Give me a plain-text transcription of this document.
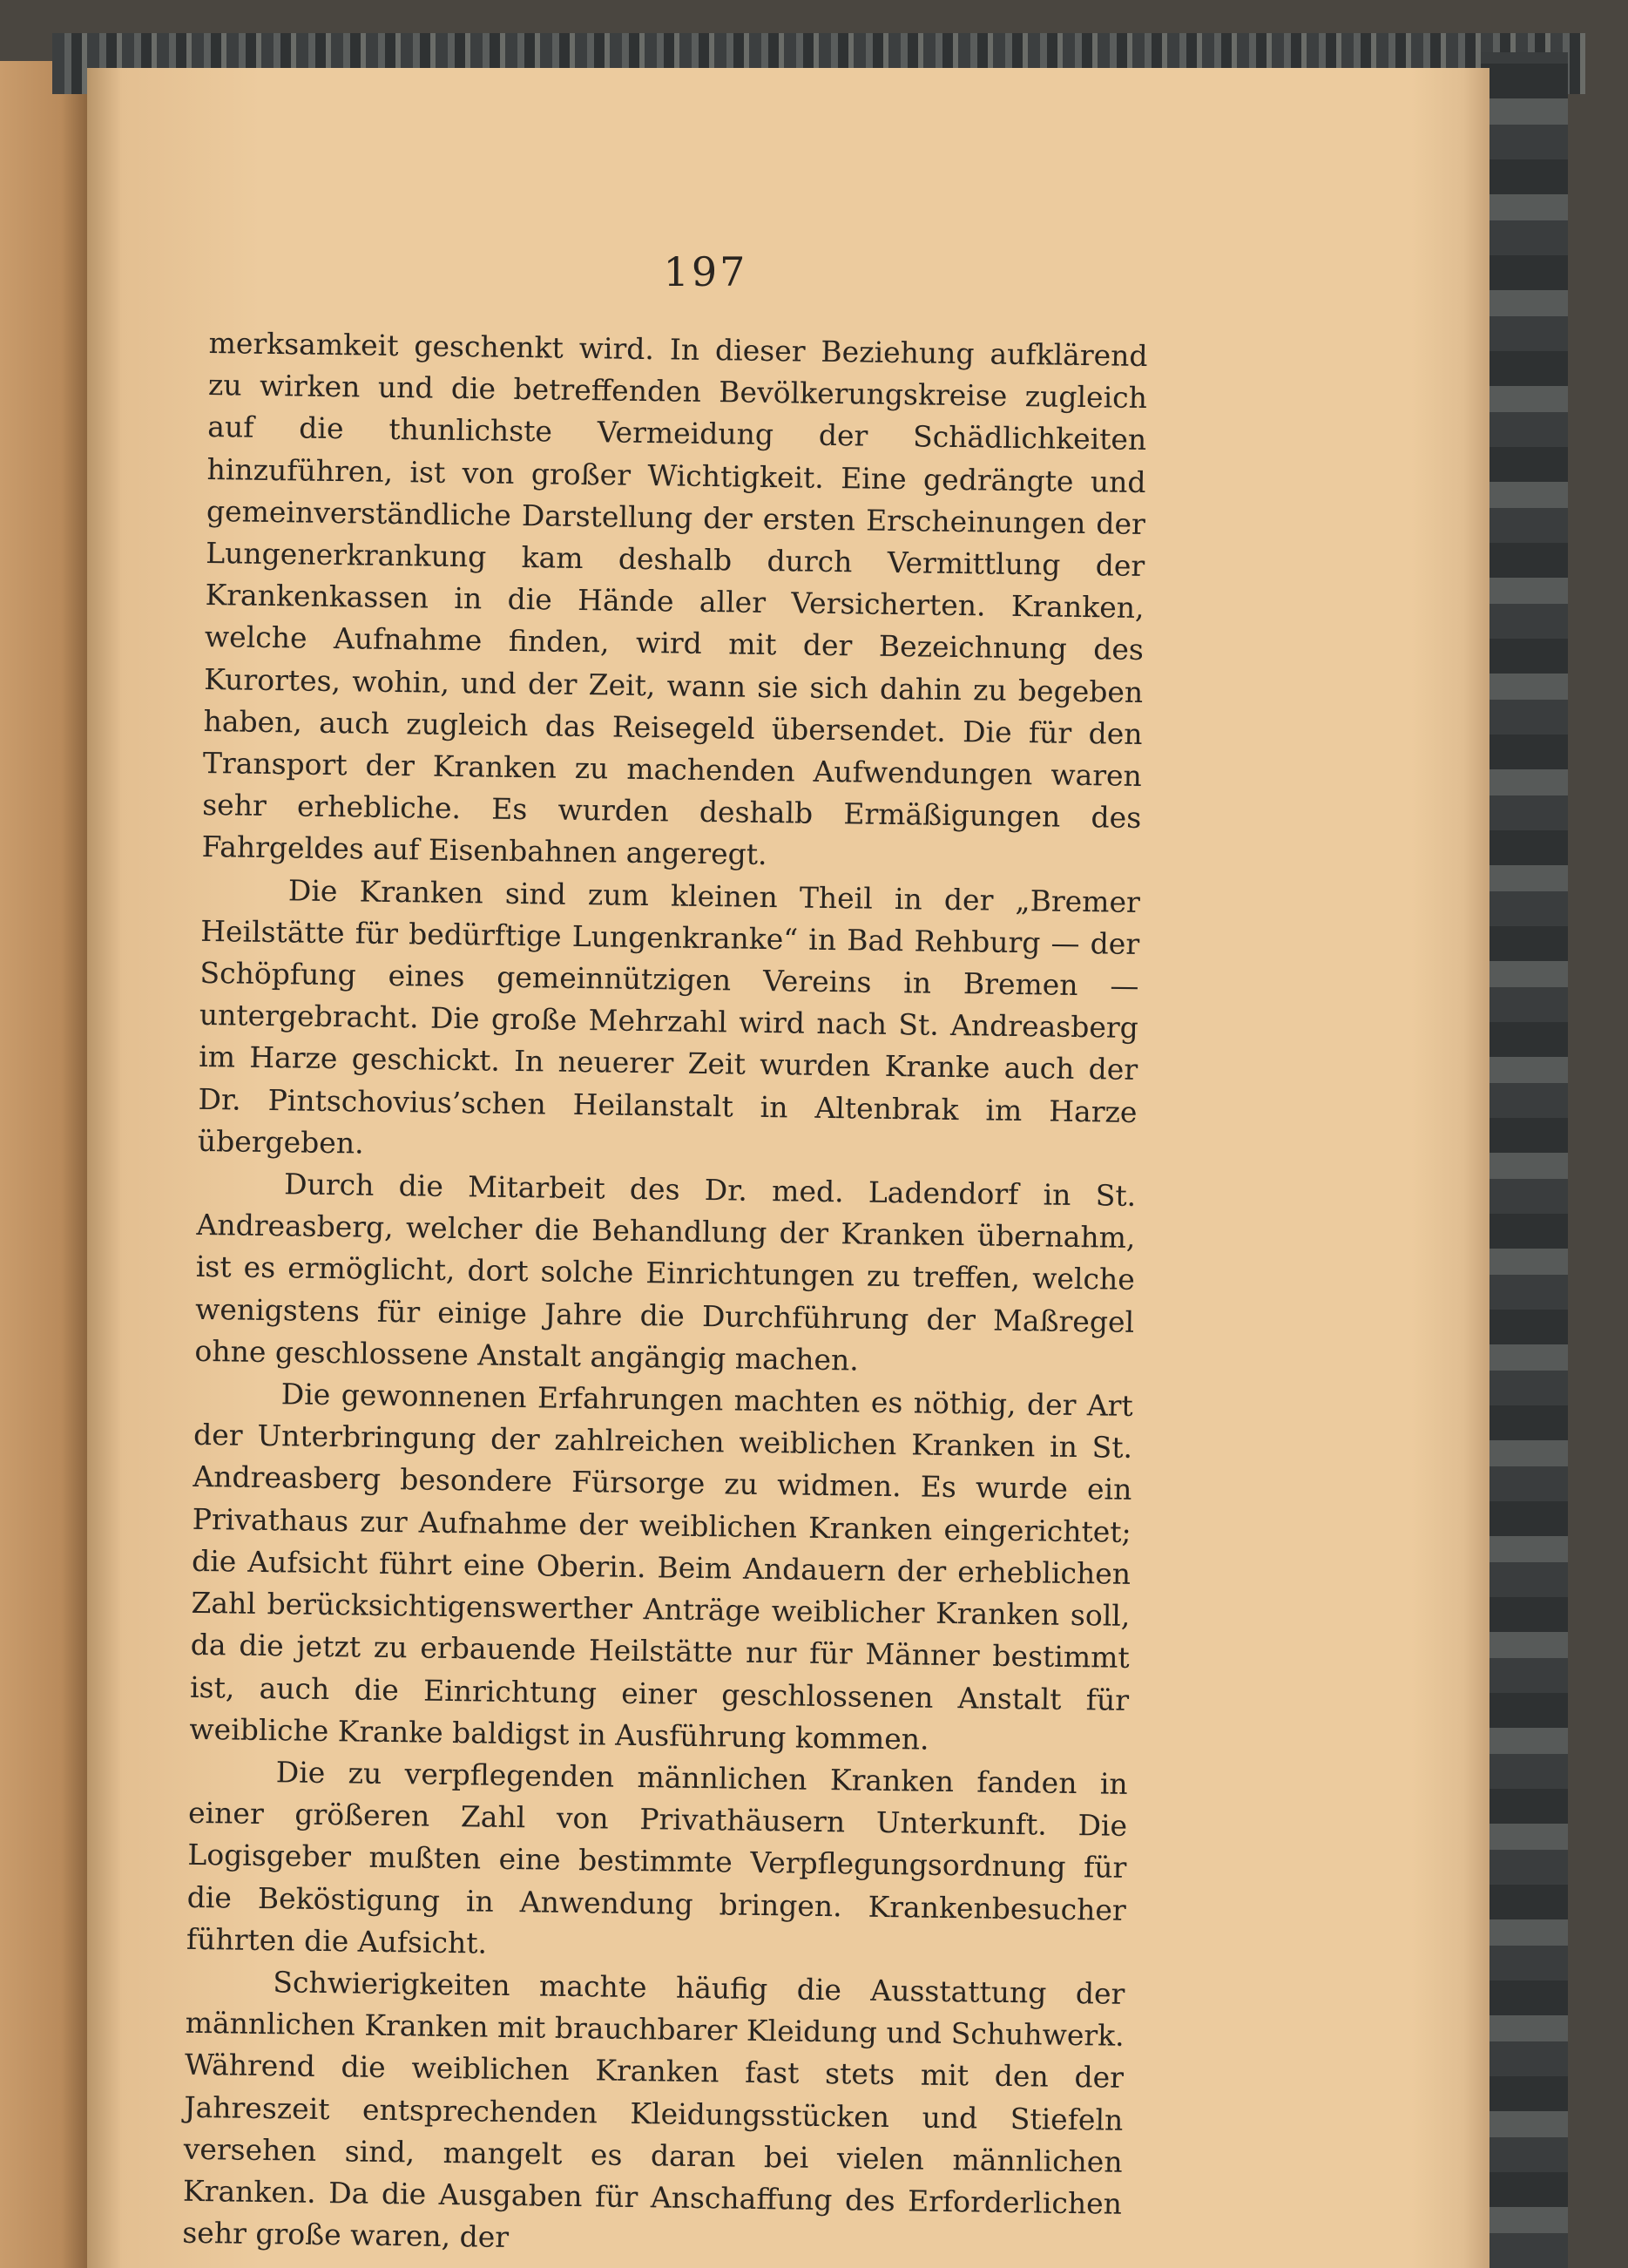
197

merksamkeit geschenkt wird. In dieser Beziehung aufklärend zu wirken und die betreffenden Bevölkerungskreise zugleich auf die thunlichste Vermeidung der Schädlichkeiten hinzuführen, ist von großer Wichtigkeit. Eine gedrängte und gemeinverständliche Darstellung der ersten Erscheinungen der Lungenerkrankung kam deshalb durch Vermittlung der Krankenkassen in die Hände aller Versicherten. Kranken, welche Aufnahme finden, wird mit der Bezeichnung des Kurortes, wohin, und der Zeit, wann sie sich dahin zu begeben haben, auch zugleich das Reisegeld übersendet. Die für den Transport der Kranken zu machenden Aufwendungen waren sehr erhebliche. Es wurden deshalb Ermäßigungen des Fahrgeldes auf Eisenbahnen angeregt.

Die Kranken sind zum kleinen Theil in der „Bremer Heilstätte für bedürftige Lungenkranke“ in Bad Rehburg — der Schöpfung eines gemeinnützigen Vereins in Bremen — untergebracht. Die große Mehrzahl wird nach St. Andreasberg im Harze geschickt. In neuerer Zeit wurden Kranke auch der Dr. Pintschovius’schen Heilanstalt in Altenbrak im Harze übergeben.

Durch die Mitarbeit des Dr. med. Ladendorf in St. Andreasberg, welcher die Behandlung der Kranken übernahm, ist es ermöglicht, dort solche Einrichtungen zu treffen, welche wenigstens für einige Jahre die Durchführung der Maßregel ohne geschlossene Anstalt angängig machen.

Die gewonnenen Erfahrungen machten es nöthig, der Art der Unterbringung der zahlreichen weiblichen Kranken in St. Andreasberg besondere Fürsorge zu widmen. Es wurde ein Privathaus zur Aufnahme der weiblichen Kranken eingerichtet; die Aufsicht führt eine Oberin. Beim Andauern der erheblichen Zahl berücksichtigenswerther Anträge weiblicher Kranken soll, da die jetzt zu erbauende Heilstätte nur für Männer bestimmt ist, auch die Einrichtung einer geschlossenen Anstalt für weibliche Kranke baldigst in Ausführung kommen.

Die zu verpflegenden männlichen Kranken fanden in einer größeren Zahl von Privathäusern Unterkunft. Die Logisgeber mußten eine bestimmte Verpflegungsordnung für die Beköstigung in Anwendung bringen. Krankenbesucher führten die Aufsicht.

Schwierigkeiten machte häufig die Ausstattung der männlichen Kranken mit brauchbarer Kleidung und Schuhwerk. Während die weiblichen Kranken fast stets mit den der Jahreszeit entsprechenden Kleidungsstücken und Stiefeln versehen sind, mangelt es daran bei vielen männlichen Kranken. Da die Ausgaben für Anschaffung des Erforderlichen sehr große waren, der
